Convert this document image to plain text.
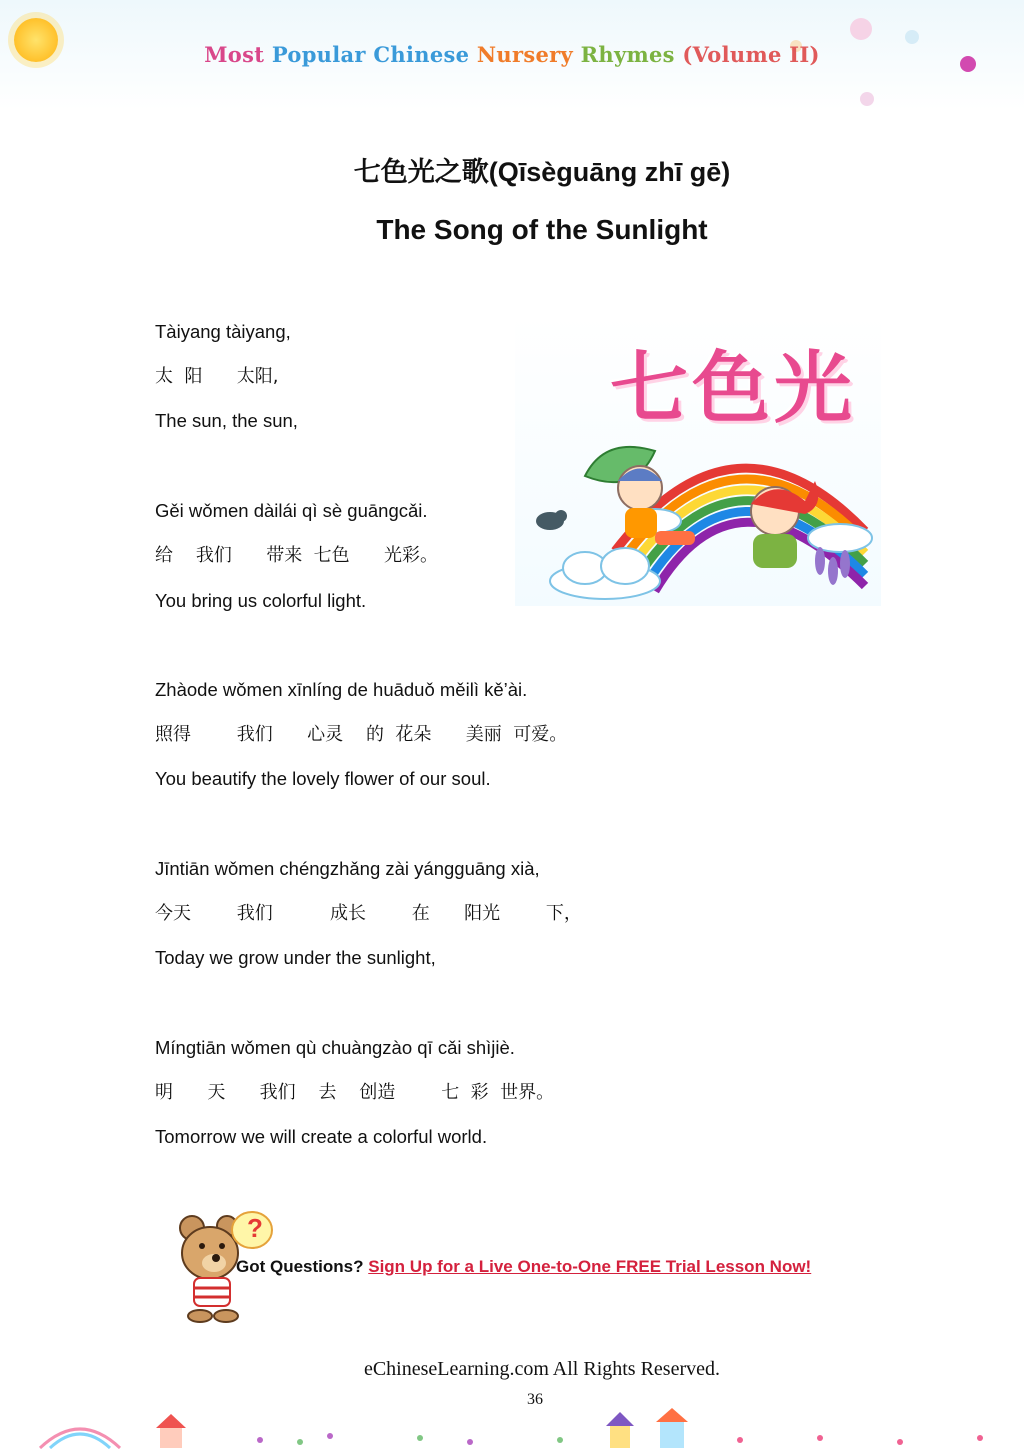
Most Popular Chinese Nursery Rhymes (Volume II)
七色光之歌(Qīsèguāng zhī gē)
The Song of the Sunlight
七色光
Tàiyang tàiyang,
太  阳      太阳,
The sun, the sun,
Gěi wǒmen dàilái qì sè guāngcǎi.
给    我们      带来  七色      光彩。
You bring us colorful light.
Zhàode wǒmen xīnlíng de huāduǒ měilì kě’ài.
照得        我们      心灵    的  花朵      美丽  可爱。
You beautify the lovely flower of our soul.
Jīntiān wǒmen chéngzhǎng zài yángguāng xià,
今天        我们          成长        在      阳光        下，
Today we grow under the sunlight,
Míngtiān wǒmen qù chuàngzào qī cǎi shìjiè.
明      天      我们    去    创造        七  彩  世界。
Tomorrow we will create a colorful world.
?
Got Questions? Sign Up for a Live One-to-One FREE Trial Lesson Now!
eChineseLearning.com All Rights Reserved.
36
